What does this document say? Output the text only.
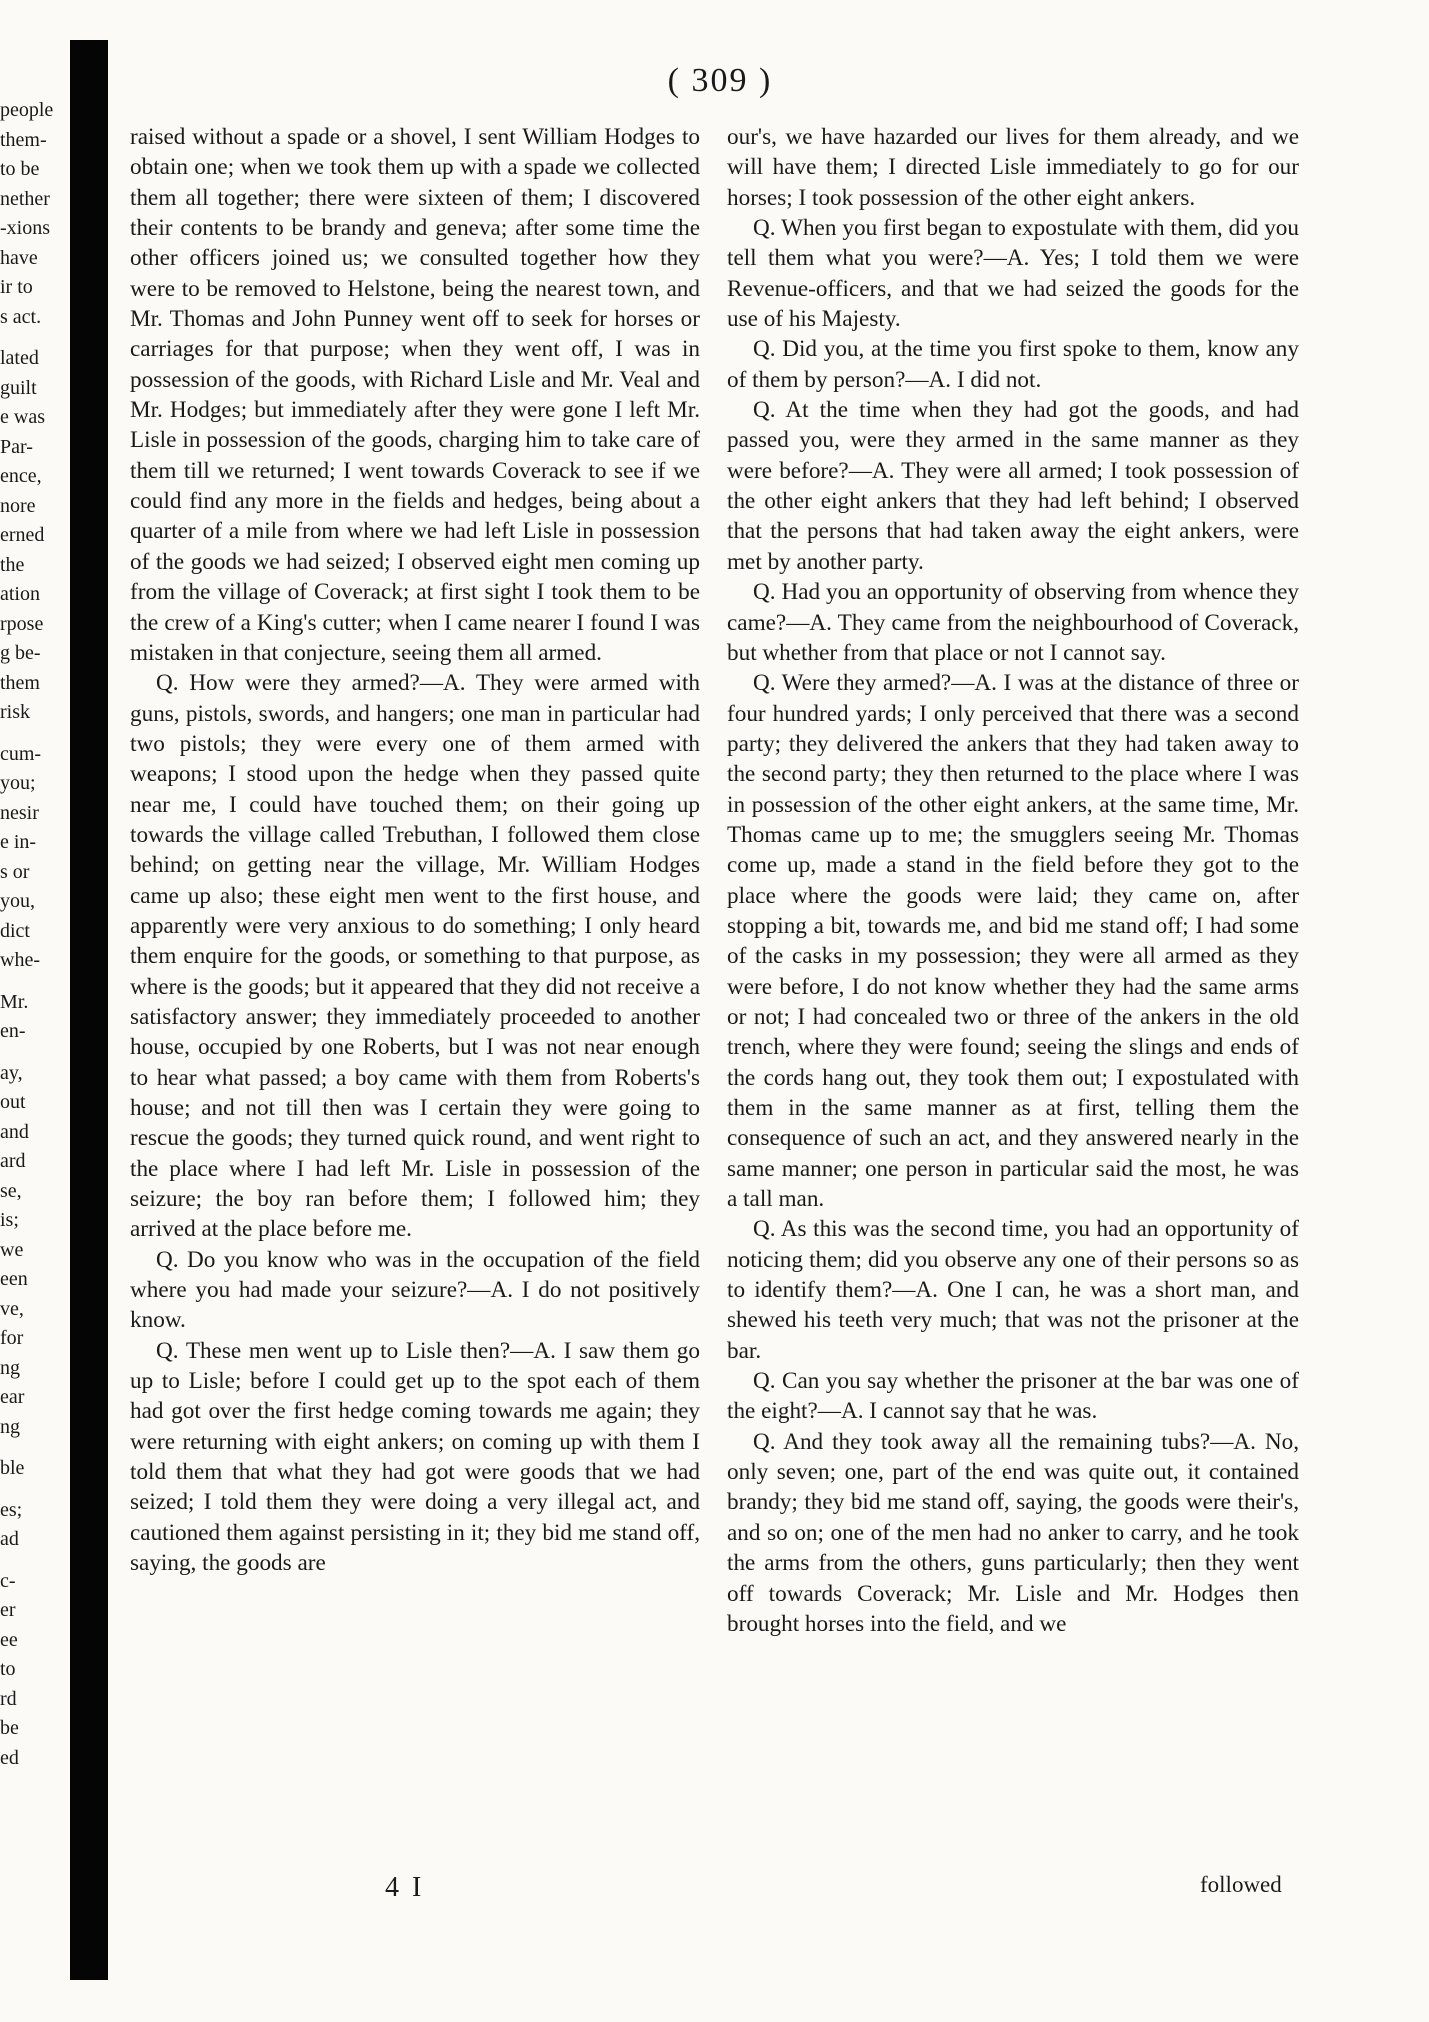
people
them-
to be
nether
-xions
have
ir to
s act.
lated
guilt
e was
Par-
ence,
nore
erned
the
ation
rpose
g be-
them
risk
cum-
you;
nesir
e in-
s or
you,
dict
whe-
Mr.
en-
ay,
out
and
ard
se,
is;
we
een
ve,
for
ng
ear
ng
ble
es;
ad
c-
er
ee
to
rd
be
ed
( 309 )

raised without a spade or a shovel, I sent William Hodges to obtain one; when we took them up with a spade we collected them all together; there were sixteen of them; I discovered their contents to be brandy and geneva; after some time the other officers joined us; we consulted together how they were to be removed to Helstone, being the nearest town, and Mr. Thomas and John Punney went off to seek for horses or carriages for that purpose; when they went off, I was in possession of the goods, with Richard Lisle and Mr. Veal and Mr. Hodges; but immediately after they were gone I left Mr. Lisle in possession of the goods, charging him to take care of them till we returned; I went towards Coverack to see if we could find any more in the fields and hedges, being about a quarter of a mile from where we had left Lisle in possession of the goods we had seized; I observed eight men coming up from the village of Coverack; at first sight I took them to be the crew of a King's cutter; when I came nearer I found I was mistaken in that conjecture, seeing them all armed.

Q. How were they armed?—A. They were armed with guns, pistols, swords, and hangers; one man in particular had two pistols; they were every one of them armed with weapons; I stood upon the hedge when they passed quite near me, I could have touched them; on their going up towards the village called Trebuthan, I followed them close behind; on getting near the village, Mr. William Hodges came up also; these eight men went to the first house, and apparently were very anxious to do something; I only heard them enquire for the goods, or something to that purpose, as where is the goods; but it appeared that they did not receive a satisfactory answer; they immediately proceeded to another house, occupied by one Roberts, but I was not near enough to hear what passed; a boy came with them from Roberts's house; and not till then was I certain they were going to rescue the goods; they turned quick round, and went right to the place where I had left Mr. Lisle in possession of the seizure; the boy ran before them; I followed him; they arrived at the place before me.

Q. Do you know who was in the occupation of the field where you had made your seizure?—A. I do not positively know.

Q. These men went up to Lisle then?—A. I saw them go up to Lisle; before I could get up to the spot each of them had got over the first hedge coming towards me again; they were returning with eight ankers; on coming up with them I told them that what they had got were goods that we had seized; I told them they were doing a very illegal act, and cautioned them against persisting in it; they bid me stand off, saying, the goods are

our's, we have hazarded our lives for them already, and we will have them; I directed Lisle immediately to go for our horses; I took possession of the other eight ankers.

Q. When you first began to expostulate with them, did you tell them what you were?—A. Yes; I told them we were Revenue-officers, and that we had seized the goods for the use of his Majesty.

Q. Did you, at the time you first spoke to them, know any of them by person?—A. I did not.

Q. At the time when they had got the goods, and had passed you, were they armed in the same manner as they were before?—A. They were all armed; I took possession of the other eight ankers that they had left behind; I observed that the persons that had taken away the eight ankers, were met by another party.

Q. Had you an opportunity of observing from whence they came?—A. They came from the neighbourhood of Coverack, but whether from that place or not I cannot say.

Q. Were they armed?—A. I was at the distance of three or four hundred yards; I only perceived that there was a second party; they delivered the ankers that they had taken away to the second party; they then returned to the place where I was in possession of the other eight ankers, at the same time, Mr. Thomas came up to me; the smugglers seeing Mr. Thomas come up, made a stand in the field before they got to the place where the goods were laid; they came on, after stopping a bit, towards me, and bid me stand off; I had some of the casks in my possession; they were all armed as they were before, I do not know whether they had the same arms or not; I had concealed two or three of the ankers in the old trench, where they were found; seeing the slings and ends of the cords hang out, they took them out; I expostulated with them in the same manner as at first, telling them the consequence of such an act, and they answered nearly in the same manner; one person in particular said the most, he was a tall man.

Q. As this was the second time, you had an opportunity of noticing them; did you observe any one of their persons so as to identify them?—A. One I can, he was a short man, and shewed his teeth very much; that was not the prisoner at the bar.

Q. Can you say whether the prisoner at the bar was one of the eight?—A. I cannot say that he was.

Q. And they took away all the remaining tubs?—A. No, only seven; one, part of the end was quite out, it contained brandy; they bid me stand off, saying, the goods were their's, and so on; one of the men had no anker to carry, and he took the arms from the others, guns particularly; then they went off towards Coverack; Mr. Lisle and Mr. Hodges then brought horses into the field, and we

4 I	followed
